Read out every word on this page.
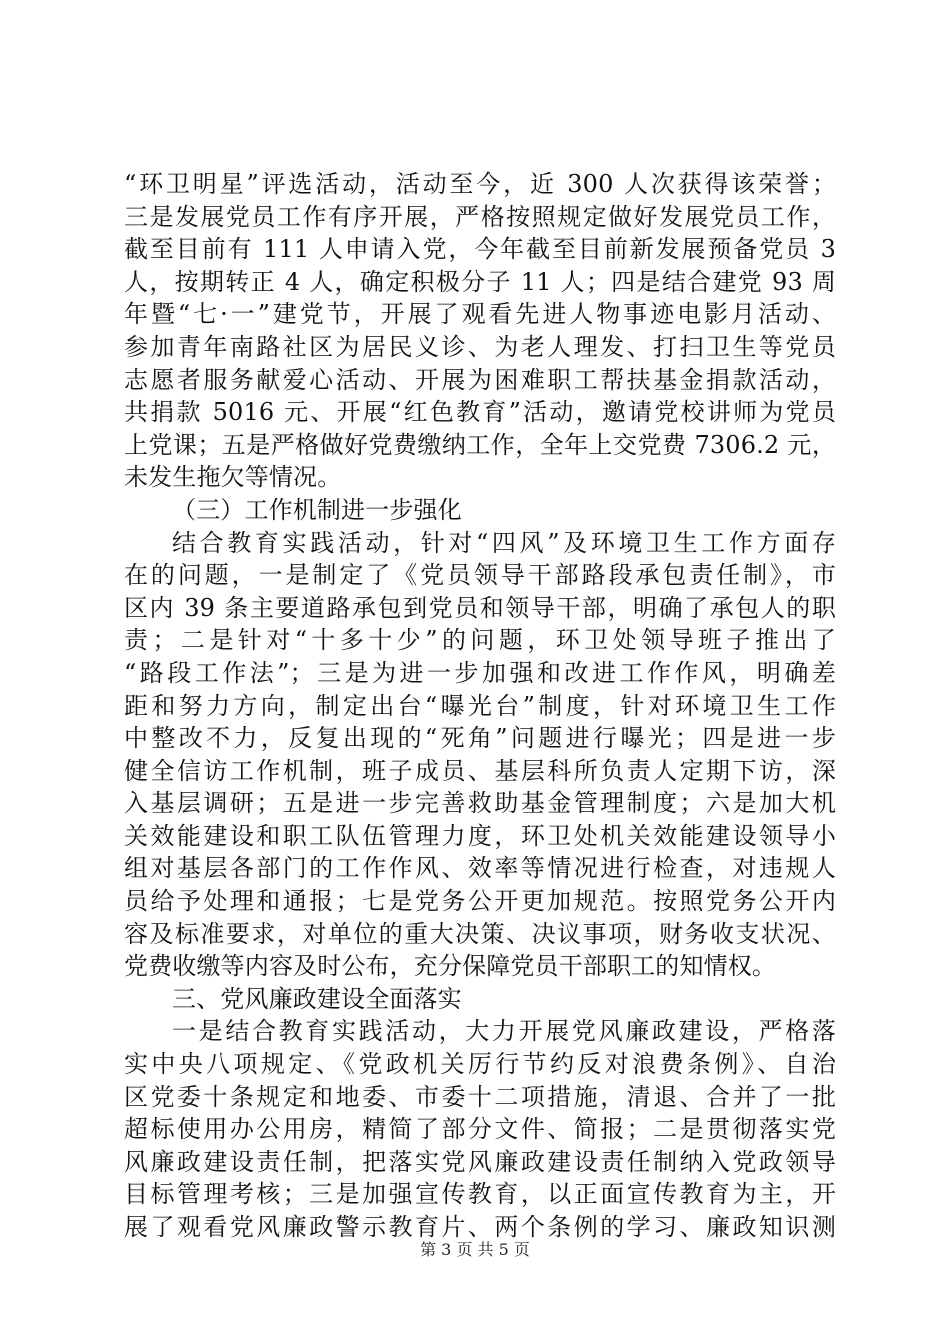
“环卫明星”评选活动，活动至今，近 300 人次获得该荣誉；
三是发展党员工作有序开展，严格按照规定做好发展党员工作，
截至目前有 111 人申请入党，今年截至目前新发展预备党员 3
人，按期转正 4 人，确定积极分子 11 人；四是结合建党 93 周
年暨“七·一”建党节，开展了观看先进人物事迹电影月活动、
参加青年南路社区为居民义诊、为老人理发、打扫卫生等党员
志愿者服务献爱心活动、开展为困难职工帮扶基金捐款活动，
共捐款 5016 元、开展“红色教育”活动，邀请党校讲师为党员
上党课；五是严格做好党费缴纳工作，全年上交党费 7306.2 元，
未发生拖欠等情况。
（三）工作机制进一步强化
结合教育实践活动，针对“四风”及环境卫生工作方面存
在的问题，一是制定了《党员领导干部路段承包责任制》，市
区内 39 条主要道路承包到党员和领导干部，明确了承包人的职
责；二是针对“十多十少”的问题，环卫处领导班子推出了
“路段工作法”；三是为进一步加强和改进工作作风，明确差
距和努力方向，制定出台“曝光台”制度，针对环境卫生工作
中整改不力，反复出现的“死角”问题进行曝光；四是进一步
健全信访工作机制，班子成员、基层科所负责人定期下访，深
入基层调研；五是进一步完善救助基金管理制度；六是加大机
关效能建设和职工队伍管理力度，环卫处机关效能建设领导小
组对基层各部门的工作作风、效率等情况进行检查，对违规人
员给予处理和通报；七是党务公开更加规范。按照党务公开内
容及标准要求，对单位的重大决策、决议事项，财务收支状况、
党费收缴等内容及时公布，充分保障党员干部职工的知情权。
三、党风廉政建设全面落实
一是结合教育实践活动，大力开展党风廉政建设，严格落
实中央八项规定、《党政机关厉行节约反对浪费条例》、自治
区党委十条规定和地委、市委十二项措施，清退、合并了一批
超标使用办公用房，精简了部分文件、简报；二是贯彻落实党
风廉政建设责任制，把落实党风廉政建设责任制纳入党政领导
目标管理考核；三是加强宣传教育，以正面宣传教育为主，开
展了观看党风廉政警示教育片、两个条例的学习、廉政知识测
第 3 页 共 5 页
